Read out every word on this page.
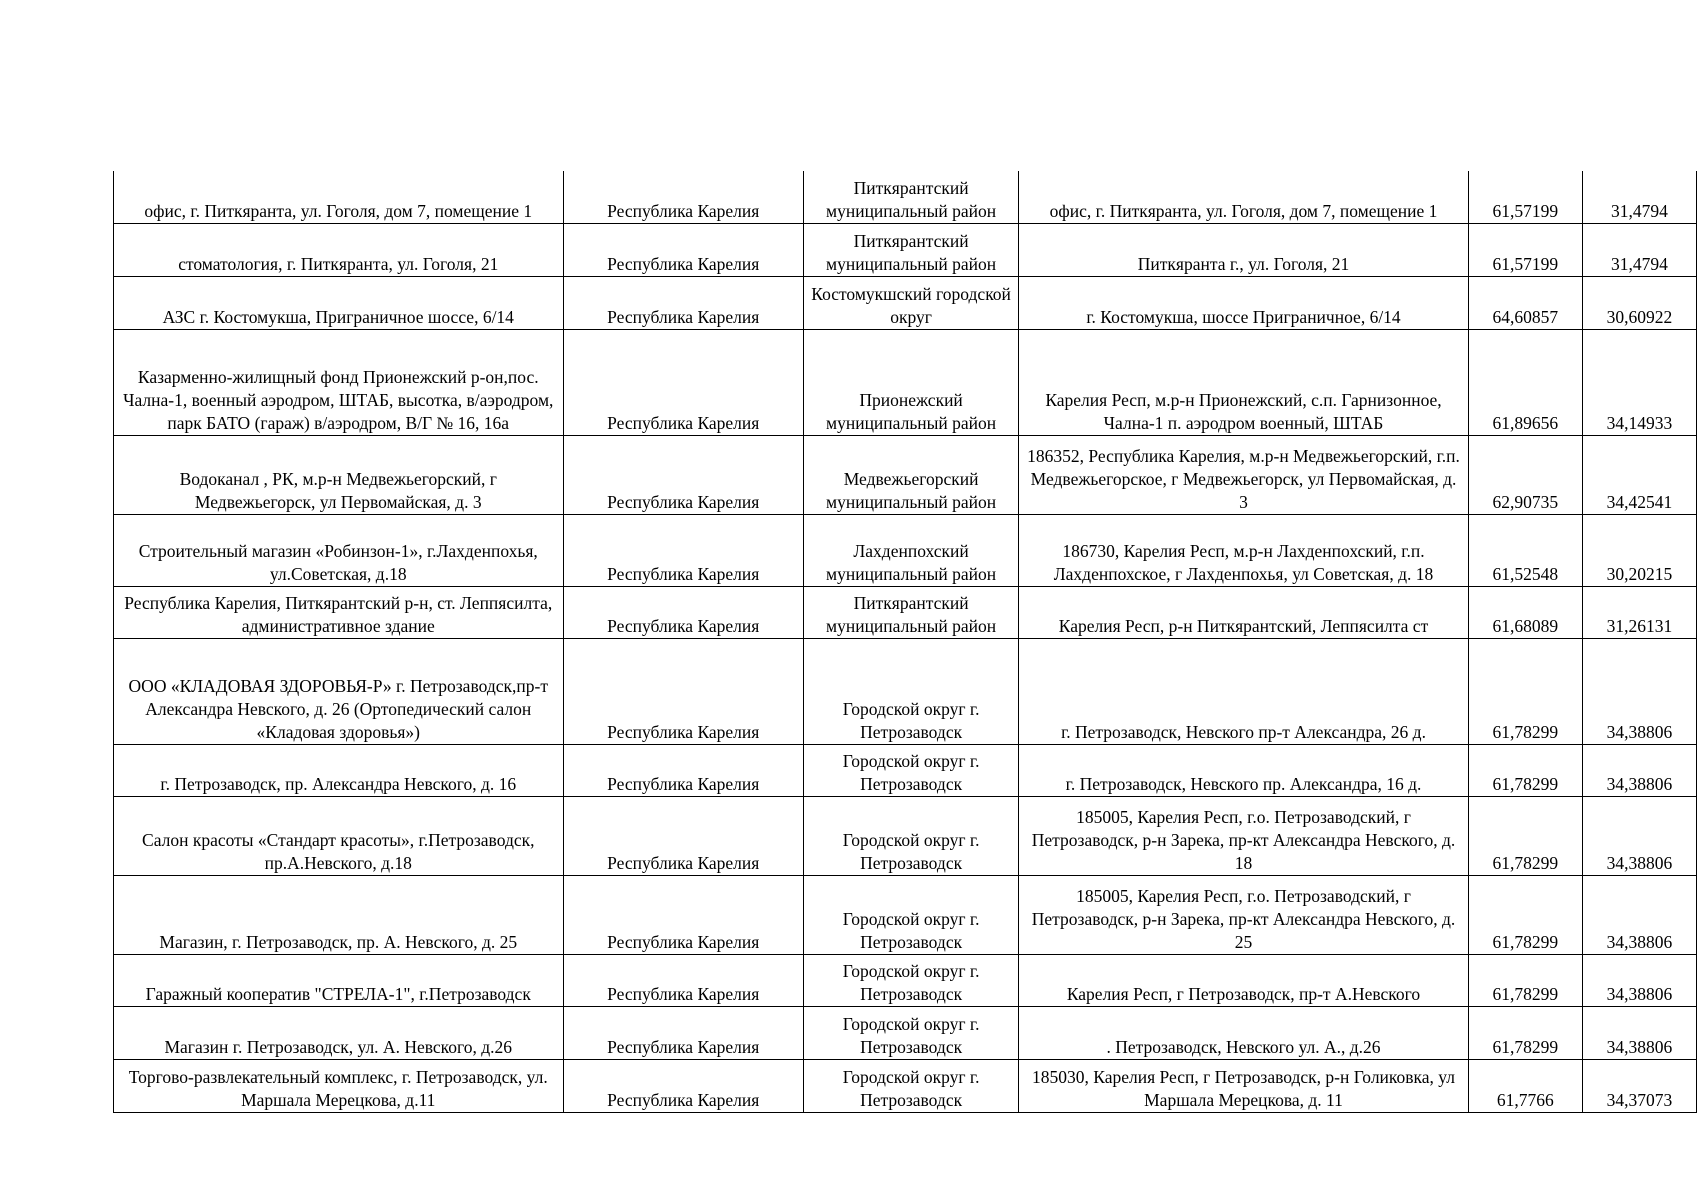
офис, г. Питкяранта, ул. Гоголя, дом 7, помещение 1	Республика Карелия	Питкярантский муниципальный район	офис, г. Питкяранта, ул. Гоголя, дом 7, помещение 1	61,57199	31,4794
стоматология, г. Питкяранта, ул. Гоголя, 21	Республика Карелия	Питкярантский муниципальный район	Питкяранта г., ул. Гоголя, 21	61,57199	31,4794
АЗС г. Костомукша, Приграничное шоссе, 6/14	Республика Карелия	Костомукшский городской округ	г. Костомукша, шоссе Приграничное, 6/14	64,60857	30,60922
Казарменно-жилищный фонд Прионежский р-он,пос. Чална-1, военный аэродром, ШТАБ, высотка, в/аэродром, парк БАТО (гараж) в/аэродром, В/Г № 16, 16а	Республика Карелия	Прионежский муниципальный район	Карелия Респ, м.р-н Прионежский, с.п. Гарнизонное, Чална-1 п. аэродром военный, ШТАБ	61,89656	34,14933
Водоканал , РК, м.р-н Медвежьегорский, г Медвежьегорск, ул Первомайская, д. 3	Республика Карелия	Медвежьегорский муниципальный район	186352, Республика Карелия, м.р-н Медвежьегорский, г.п. Медвежьегорское, г Медвежьегорск, ул Первомайская, д. 3	62,90735	34,42541
Строительный магазин «Робинзон-1», г.Лахденпохья, ул.Советская, д.18	Республика Карелия	Лахденпохский муниципальный район	186730, Карелия Респ, м.р-н Лахденпохский, г.п. Лахденпохское, г Лахденпохья, ул Советская, д. 18	61,52548	30,20215
Республика Карелия, Питкярантский р-н, ст. Леппясилта, административное здание	Республика Карелия	Питкярантский муниципальный район	Карелия Респ, р-н Питкярантский, Леппясилта ст	61,68089	31,26131
ООО «КЛАДОВАЯ ЗДОРОВЬЯ-Р» г. Петрозаводск,пр-т Александра Невского, д. 26 (Ортопедический салон «Кладовая здоровья»)	Республика Карелия	Городской округ г. Петрозаводск	г. Петрозаводск, Невского пр-т Александра, 26 д.	61,78299	34,38806
г. Петрозаводск, пр. Александра Невского, д. 16	Республика Карелия	Городской округ г. Петрозаводск	г. Петрозаводск, Невского пр. Александра, 16 д.	61,78299	34,38806
Салон красоты «Стандарт красоты», г.Петрозаводск, пр.А.Невского, д.18	Республика Карелия	Городской округ г. Петрозаводск	185005, Карелия Респ, г.о. Петрозаводский, г Петрозаводск, р-н Зарека, пр-кт Александра Невского, д. 18	61,78299	34,38806
Магазин, г. Петрозаводск, пр. А. Невского, д. 25	Республика Карелия	Городской округ г. Петрозаводск	185005, Карелия Респ, г.о. Петрозаводский, г Петрозаводск, р-н Зарека, пр-кт Александра Невского, д. 25	61,78299	34,38806
Гаражный кооператив "СТРЕЛА-1", г.Петрозаводск	Республика Карелия	Городской округ г. Петрозаводск	Карелия Респ, г Петрозаводск, пр-т А.Невского	61,78299	34,38806
Магазин г. Петрозаводск, ул. А. Невского, д.26	Республика Карелия	Городской округ г. Петрозаводск	. Петрозаводск, Невского ул. А., д.26	61,78299	34,38806
Торгово-развлекательный комплекс, г. Петрозаводск, ул. Маршала Мерецкова, д.11	Республика Карелия	Городской округ г. Петрозаводск	185030, Карелия Респ, г Петрозаводск, р-н Голиковка, ул Маршала Мерецкова, д. 11	61,7766	34,37073
